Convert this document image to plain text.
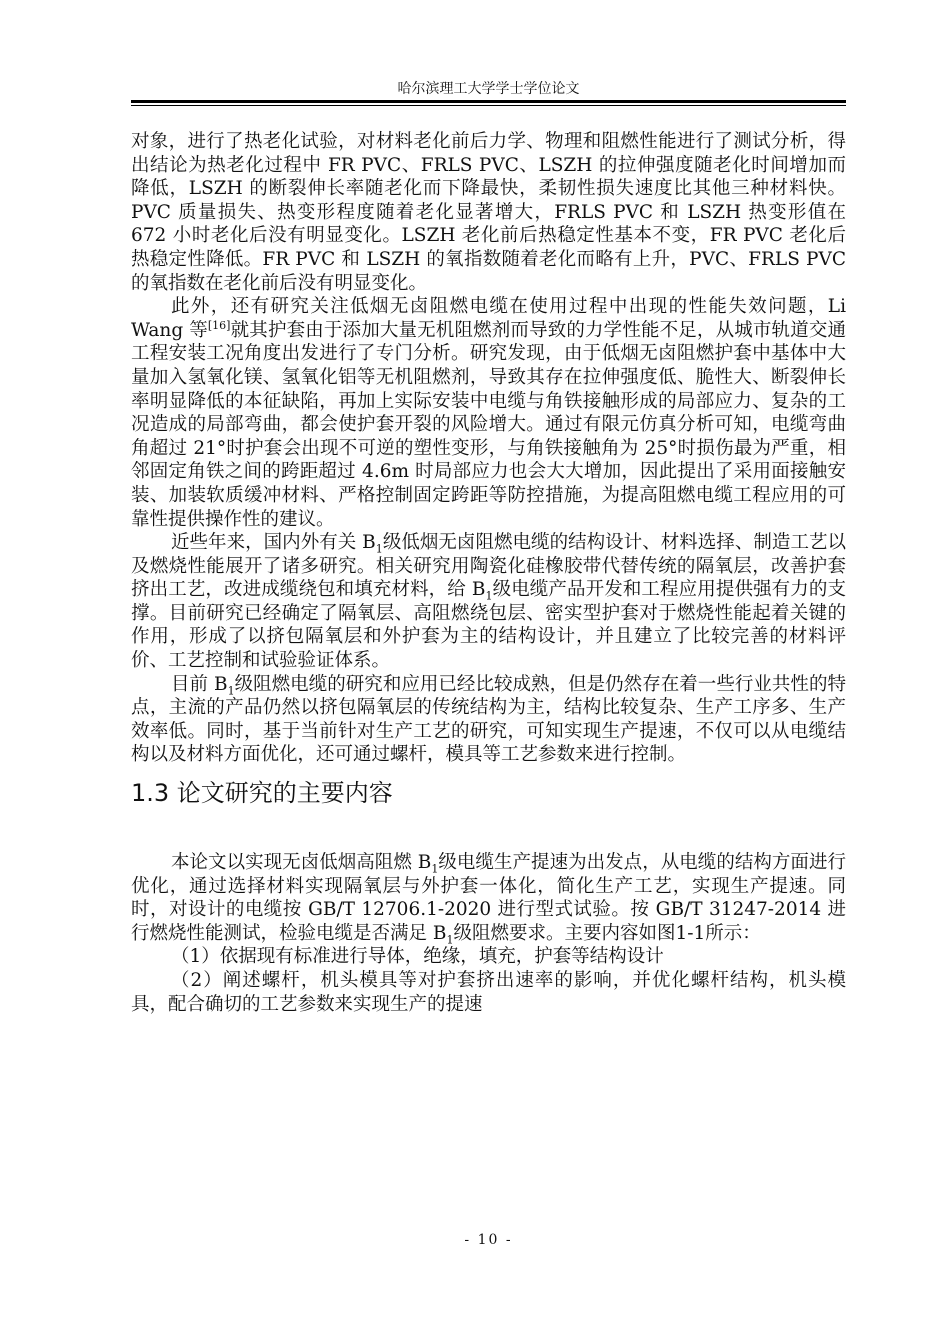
哈尔滨理工大学学士学位论文

对象，进行了热老化试验，对材料老化前后力学、物理和阻燃性能进行了测试分析，得出结论为热老化过程中 FR PVC、FRLS PVC、LSZH 的拉伸强度随老化时间增加而降低，LSZH 的断裂伸长率随老化而下降最快，柔韧性损失速度比其他三种材料快。PVC 质量损失、热变形程度随着老化显著增大，FRLS PVC 和 LSZH 热变形值在 672 小时老化后没有明显变化。LSZH 老化前后热稳定性基本不变，FR PVC 老化后热稳定性降低。FR PVC 和 LSZH 的氧指数随着老化而略有上升，PVC、FRLS PVC 的氧指数在老化前后没有明显变化。

此外，还有研究关注低烟无卤阻燃电缆在使用过程中出现的性能失效问题，Li Wang 等[16]就其护套由于添加大量无机阻燃剂而导致的力学性能不足，从城市轨道交通工程安装工况角度出发进行了专门分析。研究发现，由于低烟无卤阻燃护套中基体中大量加入氢氧化镁、氢氧化铝等无机阻燃剂，导致其存在拉伸强度低、脆性大、断裂伸长率明显降低的本征缺陷，再加上实际安装中电缆与角铁接触形成的局部应力、复杂的工况造成的局部弯曲，都会使护套开裂的风险增大。通过有限元仿真分析可知，电缆弯曲角超过 21°时护套会出现不可逆的塑性变形，与角铁接触角为 25°时损伤最为严重，相邻固定角铁之间的跨距超过 4.6m 时局部应力也会大大增加，因此提出了采用面接触安装、加装软质缓冲材料、严格控制固定跨距等防控措施，为提高阻燃电缆工程应用的可靠性提供操作性的建议。

近些年来，国内外有关 $B_1$级低烟无卤阻燃电缆的结构设计、材料选择、制造工艺以及燃烧性能展开了诸多研究。相关研究用陶瓷化硅橡胶带代替传统的隔氧层，改善护套挤出工艺，改进成缆绕包和填充材料，给 $B_1$级电缆产品开发和工程应用提供强有力的支撑。目前研究已经确定了隔氧层、高阻燃绕包层、密实型护套对于燃烧性能起着关键的作用，形成了以挤包隔氧层和外护套为主的结构设计，并且建立了比较完善的材料评价、工艺控制和试验验证体系。

目前 $B_1$级阻燃电缆的研究和应用已经比较成熟，但是仍然存在着一些行业共性的特点，主流的产品仍然以挤包隔氧层的传统结构为主，结构比较复杂、生产工序多、生产效率低。同时，基于当前针对生产工艺的研究，可知实现生产提速，不仅可以从电缆结构以及材料方面优化，还可通过螺杆，模具等工艺参数来进行控制。

1.3 论文研究的主要内容

本论文以实现无卤低烟高阻燃 $B_1$级电缆生产提速为出发点，从电缆的结构方面进行优化，通过选择材料实现隔氧层与外护套一体化，简化生产工艺，实现生产提速。同时，对设计的电缆按 GB/T 12706.1-2020 进行型式试验。按 GB/T 31247-2014 进行燃烧性能测试，检验电缆是否满足 $B_1$级阻燃要求。主要内容如图1-1所示：

（1）依据现有标准进行导体，绝缘，填充，护套等结构设计

（2）阐述螺杆，机头模具等对护套挤出速率的影响，并优化螺杆结构，机头模具，配合确切的工艺参数来实现生产的提速

- 10 -
